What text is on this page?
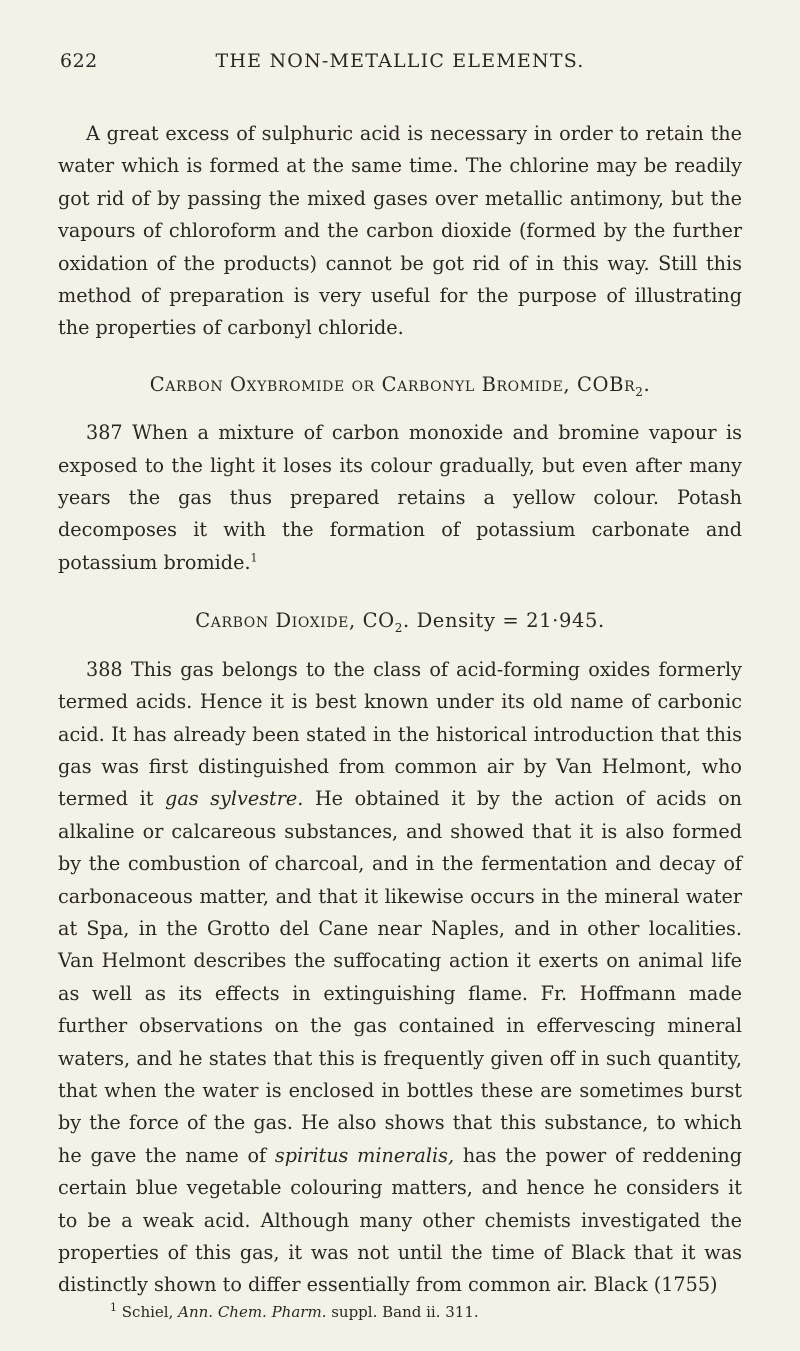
622	THE NON-METALLIC ELEMENTS.

A great excess of sulphuric acid is necessary in order to retain the water which is formed at the same time. The chlorine may be readily got rid of by passing the mixed gases over metallic antimony, but the vapours of chloroform and the carbon dioxide (formed by the further oxidation of the products) cannot be got rid of in this way. Still this method of preparation is very useful for the purpose of illustrating the properties of carbonyl chloride.

Carbon Oxybromide or Carbonyl Bromide, COBr$_2$.

387 When a mixture of carbon monoxide and bromine vapour is exposed to the light it loses its colour gradually, but even after many years the gas thus prepared retains a yellow colour. Potash decomposes it with the formation of potassium carbonate and potassium bromide.$^1$

Carbon Dioxide, $CO_2$. Density = 21·945.

388 This gas belongs to the class of acid-forming oxides formerly termed acids. Hence it is best known under its old name of carbonic acid. It has already been stated in the historical introduction that this gas was first distinguished from common air by Van Helmont, who termed it gas sylvestre. He obtained it by the action of acids on alkaline or calcareous substances, and showed that it is also formed by the combustion of charcoal, and in the fermentation and decay of carbonaceous matter, and that it likewise occurs in the mineral water at Spa, in the Grotto del Cane near Naples, and in other localities. Van Helmont describes the suffocating action it exerts on animal life as well as its effects in extinguishing flame. Fr. Hoffmann made further observations on the gas contained in effervescing mineral waters, and he states that this is frequently given off in such quantity, that when the water is enclosed in bottles these are sometimes burst by the force of the gas. He also shows that this substance, to which he gave the name of spiritus mineralis, has the power of reddening certain blue vegetable colouring matters, and hence he considers it to be a weak acid. Although many other chemists investigated the properties of this gas, it was not until the time of Black that it was distinctly shown to differ essentially from common air. Black (1755)

$^1$ Schiel, Ann. Chem. Pharm. suppl. Band ii. 311.
